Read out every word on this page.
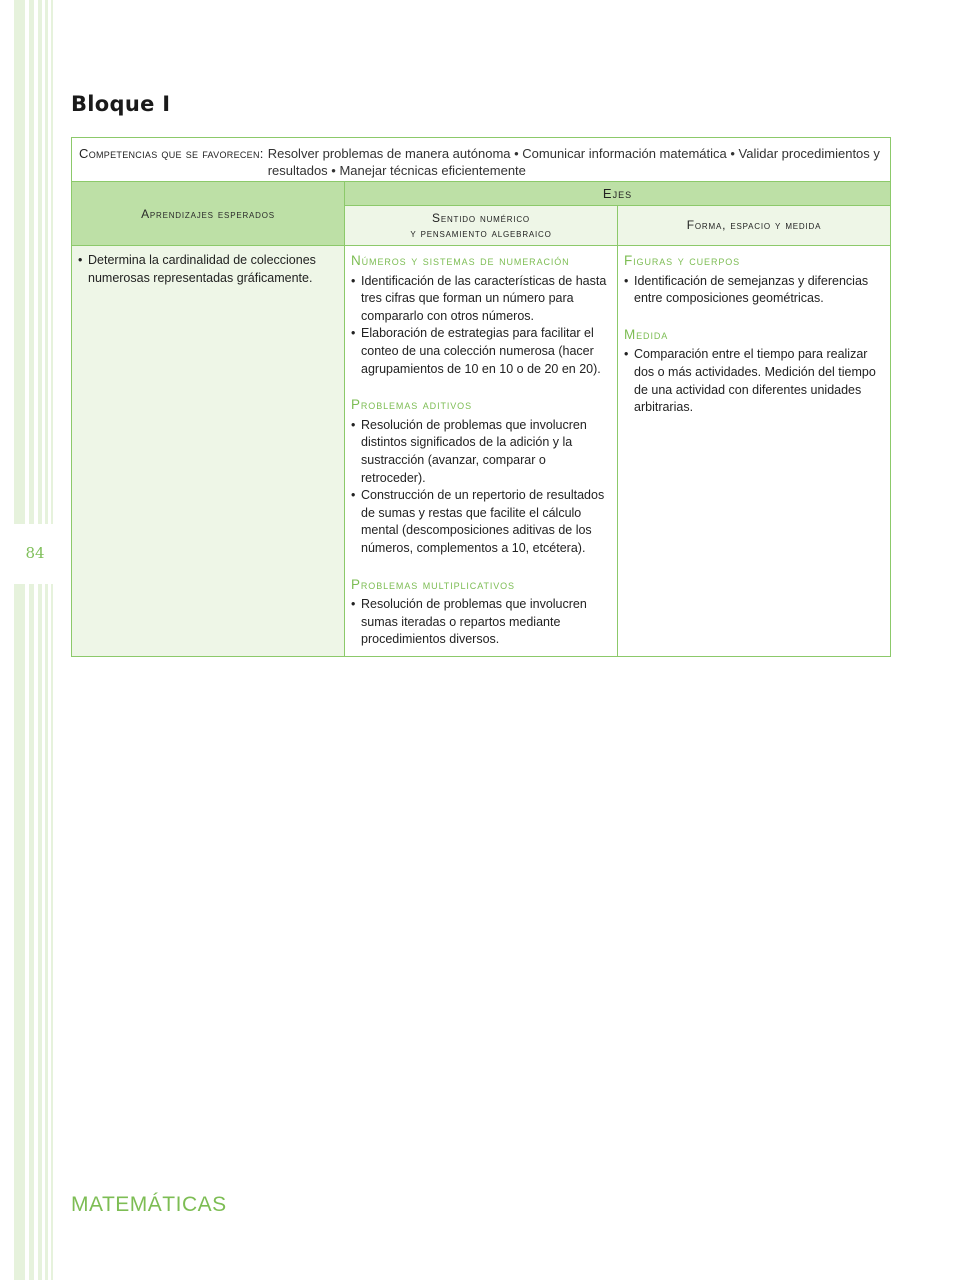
84
Bloque I
Competencias que se favorecen: Resolver problemas de manera autónoma • Comunicar información matemática • Validar procedimientos y resultados • Manejar técnicas eficientemente
Aprendizajes esperados
Ejes
Sentido numérico
y pensamiento algebraico
Forma, espacio y medida
• Determina la cardinalidad de colecciones numerosas representadas gráficamente.
Números y sistemas de numeración
• Identificación de las características de hasta tres cifras que forman un número para compararlo con otros números.
• Elaboración de estrategias para facilitar el conteo de una colección numerosa (hacer agrupamientos de 10 en 10 o de 20 en 20).
Problemas aditivos
• Resolución de problemas que involucren distintos significados de la adición y la sustracción (avanzar, comparar o retroceder).
• Construcción de un repertorio de resultados de sumas y restas que facilite el cálculo mental (descomposiciones aditivas de los números, complementos a 10, etcétera).
Problemas multiplicativos
• Resolución de problemas que involucren sumas iteradas o repartos mediante procedimientos diversos.
Figuras y cuerpos
• Identificación de semejanzas y diferencias entre composiciones geométricas.
Medida
• Comparación entre el tiempo para realizar dos o más actividades. Medición del tiempo de una actividad con diferentes unidades arbitrarias.
MATEMÁTICAS
